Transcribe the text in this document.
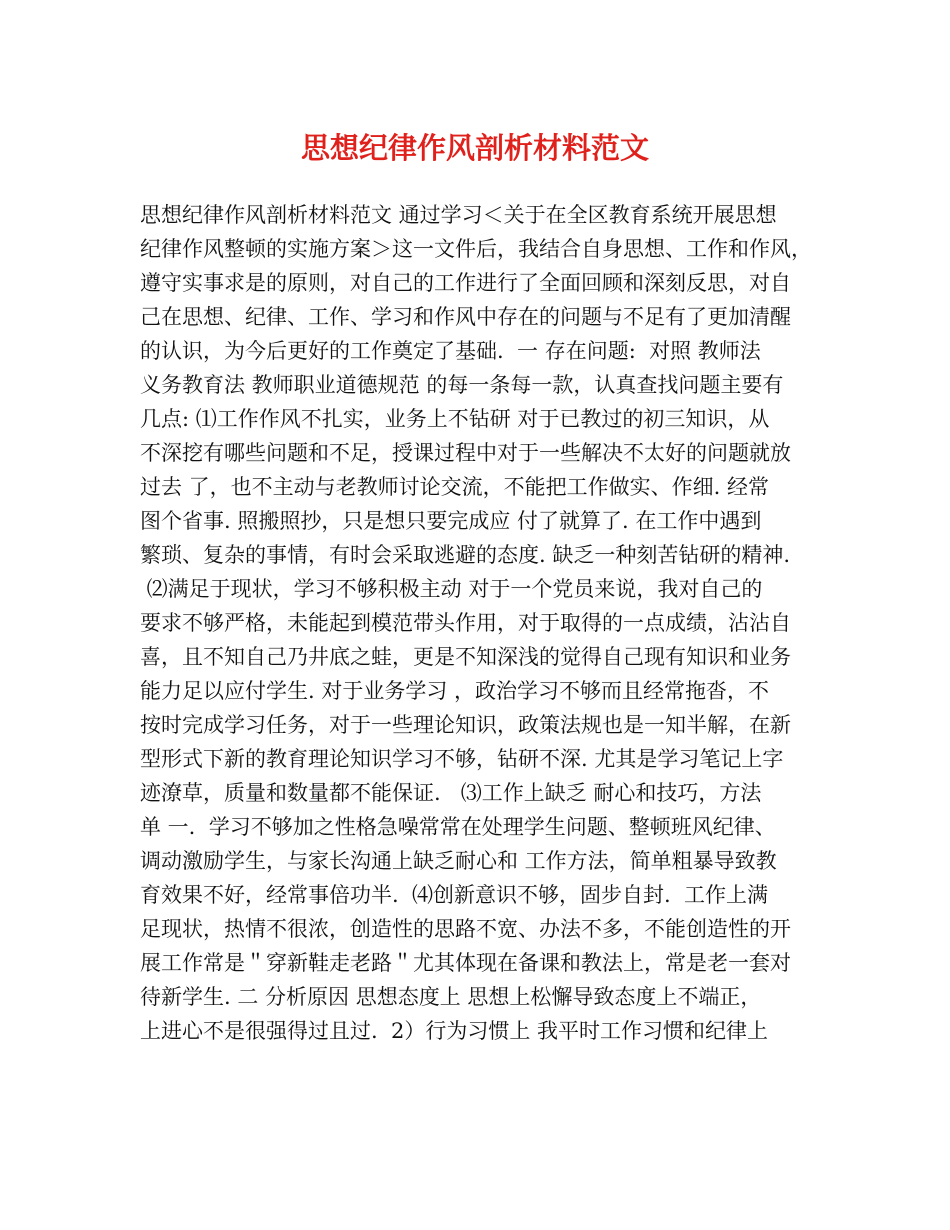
思想纪律作风剖析材料范文
思想纪律作风剖析材料范文 通过学习＜关于在全区教育系统开展思想
纪律作风整顿的实施方案＞这一文件后，我结合自身思想、工作和作风，
遵守实事求是的原则，对自己的工作进行了全面回顾和深刻反思，对自
己在思想、纪律、工作、学习和作风中存在的问题与不足有了更加清醒
的认识，为今后更好的工作奠定了基础.  一 存在问题:  对照 教师法
义务教育法 教师职业道德规范 的每一条每一款，认真查找问题主要有
几点: ⑴工作作风不扎实，业务上不钻研 对于已教过的初三知识，从
不深挖有哪些问题和不足，授课过程中对于一些解决不太好的问题就放
过去 了，也不主动与老教师讨论交流，不能把工作做实、作细. 经常
图个省事. 照搬照抄，只是想只要完成应 付了就算了. 在工作中遇到
繁琐、复杂的事情，有时会采取逃避的态度. 缺乏一种刻苦钻研的精神.
⑵满足于现状，学习不够积极主动 对于一个党员来说，我对自己的
要求不够严格，未能起到模范带头作用，对于取得的一点成绩，沾沾自
喜，且不知自己乃井底之蛙，更是不知深浅的觉得自己现有知识和业务
能力足以应付学生. 对于业务学习 ，政治学习不够而且经常拖沓，不
按时完成学习任务，对于一些理论知识，政策法规也是一知半解，在新
型形式下新的教育理论知识学习不够，钻研不深. 尤其是学习笔记上字
迹潦草，质量和数量都不能保证.   ⑶工作上缺乏 耐心和技巧，方法
单 一.  学习不够加之性格急噪常常在处理学生问题、整顿班风纪律、
调动激励学生，与家长沟通上缺乏耐心和 工作方法，简单粗暴导致教
育效果不好，经常事倍功半.  ⑷创新意识不够，固步自封.  工作上满
足现状，热情不很浓，创造性的思路不宽、办法不多，不能创造性的开
展工作常是＂穿新鞋走老路＂尤其体现在备课和教法上，常是老一套对
待新学生. 二 分析原因 思想态度上 思想上松懈导致态度上不端正，
上进心不是很强得过且过.  2）行为习惯上 我平时工作习惯和纪律上
